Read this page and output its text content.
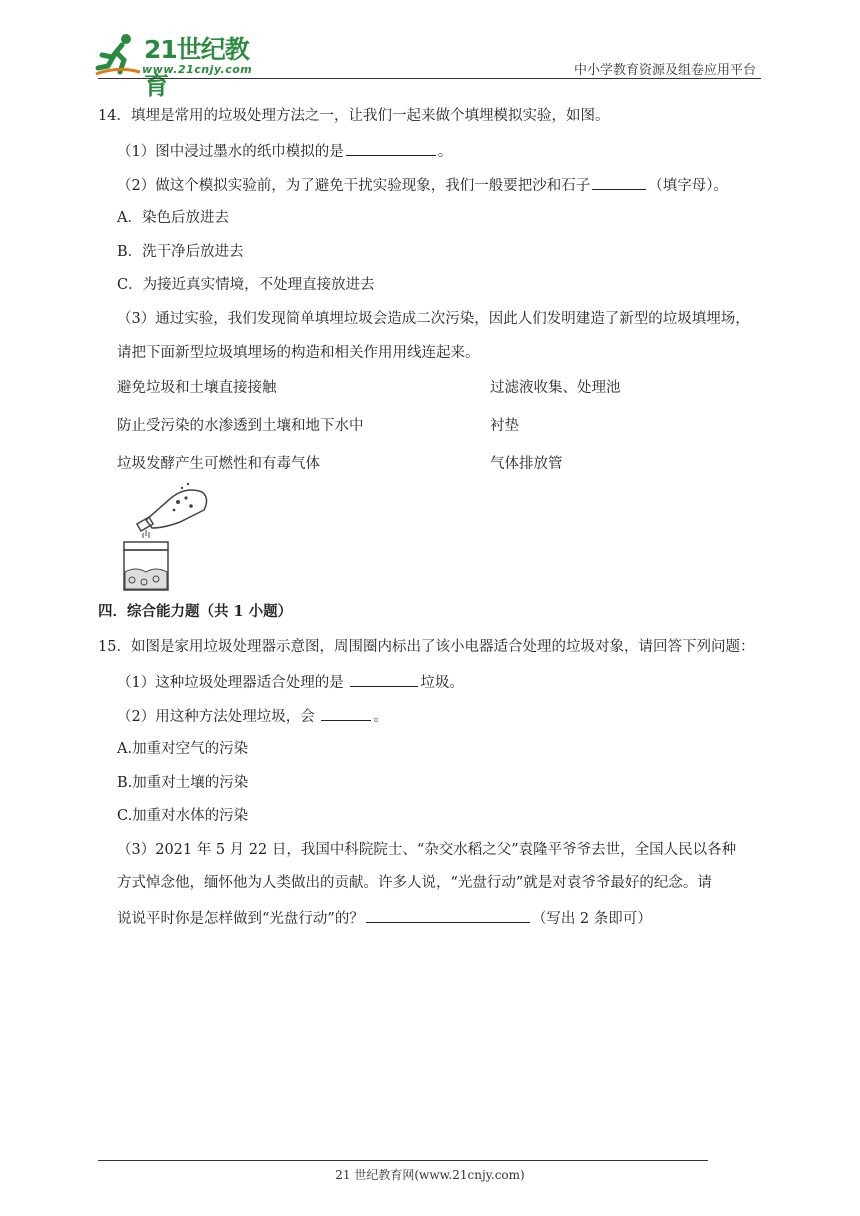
21世纪教育
www.21cnjy.com	中小学教育资源及组卷应用平台
14．填埋是常用的垃圾处理方法之一，让我们一起来做个填埋模拟实验，如图。
（1）图中浸过墨水的纸巾模拟的是	。
（2）做这个模拟实验前，为了避免干扰实验现象，我们一般要把沙和石子	（填字母）。
A．染色后放进去
B．洗干净后放进去
C．为接近真实情境，不处理直接放进去
（3）通过实验，我们发现简单填埋垃圾会造成二次污染，因此人们发明建造了新型的垃圾填埋场，
请把下面新型垃圾填埋场的构造和相关作用用线连起来。
避免垃圾和土壤直接接触	过滤液收集、处理池
防止受污染的水渗透到土壤和地下水中	衬垫
垃圾发酵产生可燃性和有毒气体	气体排放管
四．综合能力题（共 1 小题）
15．如图是家用垃圾处理器示意图，周围圈内标出了该小电器适合处理的垃圾对象，请回答下列问题：
（1）这种垃圾处理器适合处理的是	垃圾。
（2）用这种方法处理垃圾，会	。
A.加重对空气的污染
B.加重对土壤的污染
C.加重对水体的污染
（3）2021 年 5 月 22 日，我国中科院院士、“杂交水稻之父”袁隆平爷爷去世，全国人民以各种
方式悼念他，缅怀他为人类做出的贡献。许多人说，“光盘行动”就是对袁爷爷最好的纪念。请
说说平时你是怎样做到“光盘行动”的？	（写出 2 条即可）
21 世纪教育网(www.21cnjy.com)
